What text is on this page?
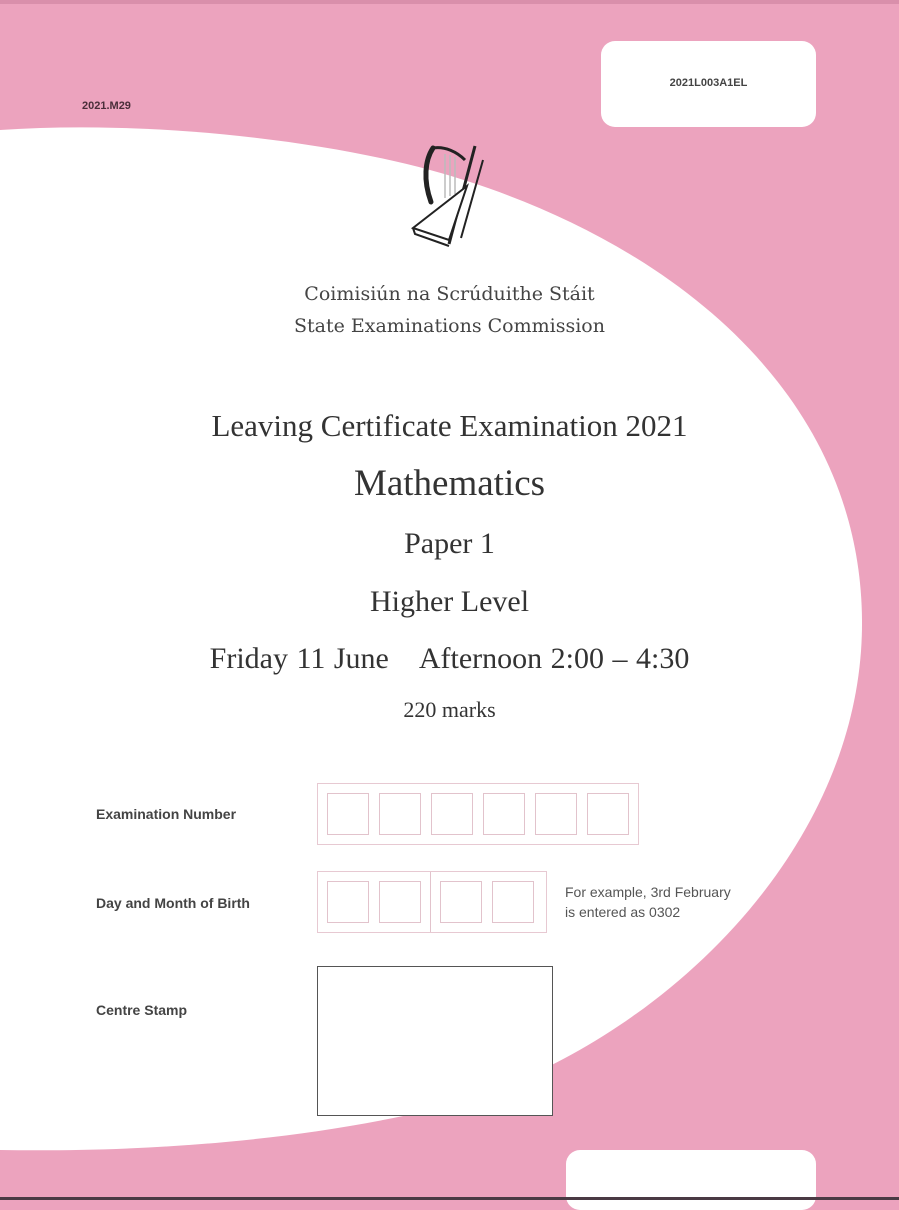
2021.M29
2021L003A1EL
Coimisiún na Scrúduithe Stáit
State Examinations Commission
Leaving Certificate Examination 2021
Mathematics
Paper 1
Higher Level
Friday 11 June Afternoon 2:00 – 4:30
220 marks
Examination Number
Day and Month of Birth
For example, 3rd February
is entered as 0302
Centre Stamp
